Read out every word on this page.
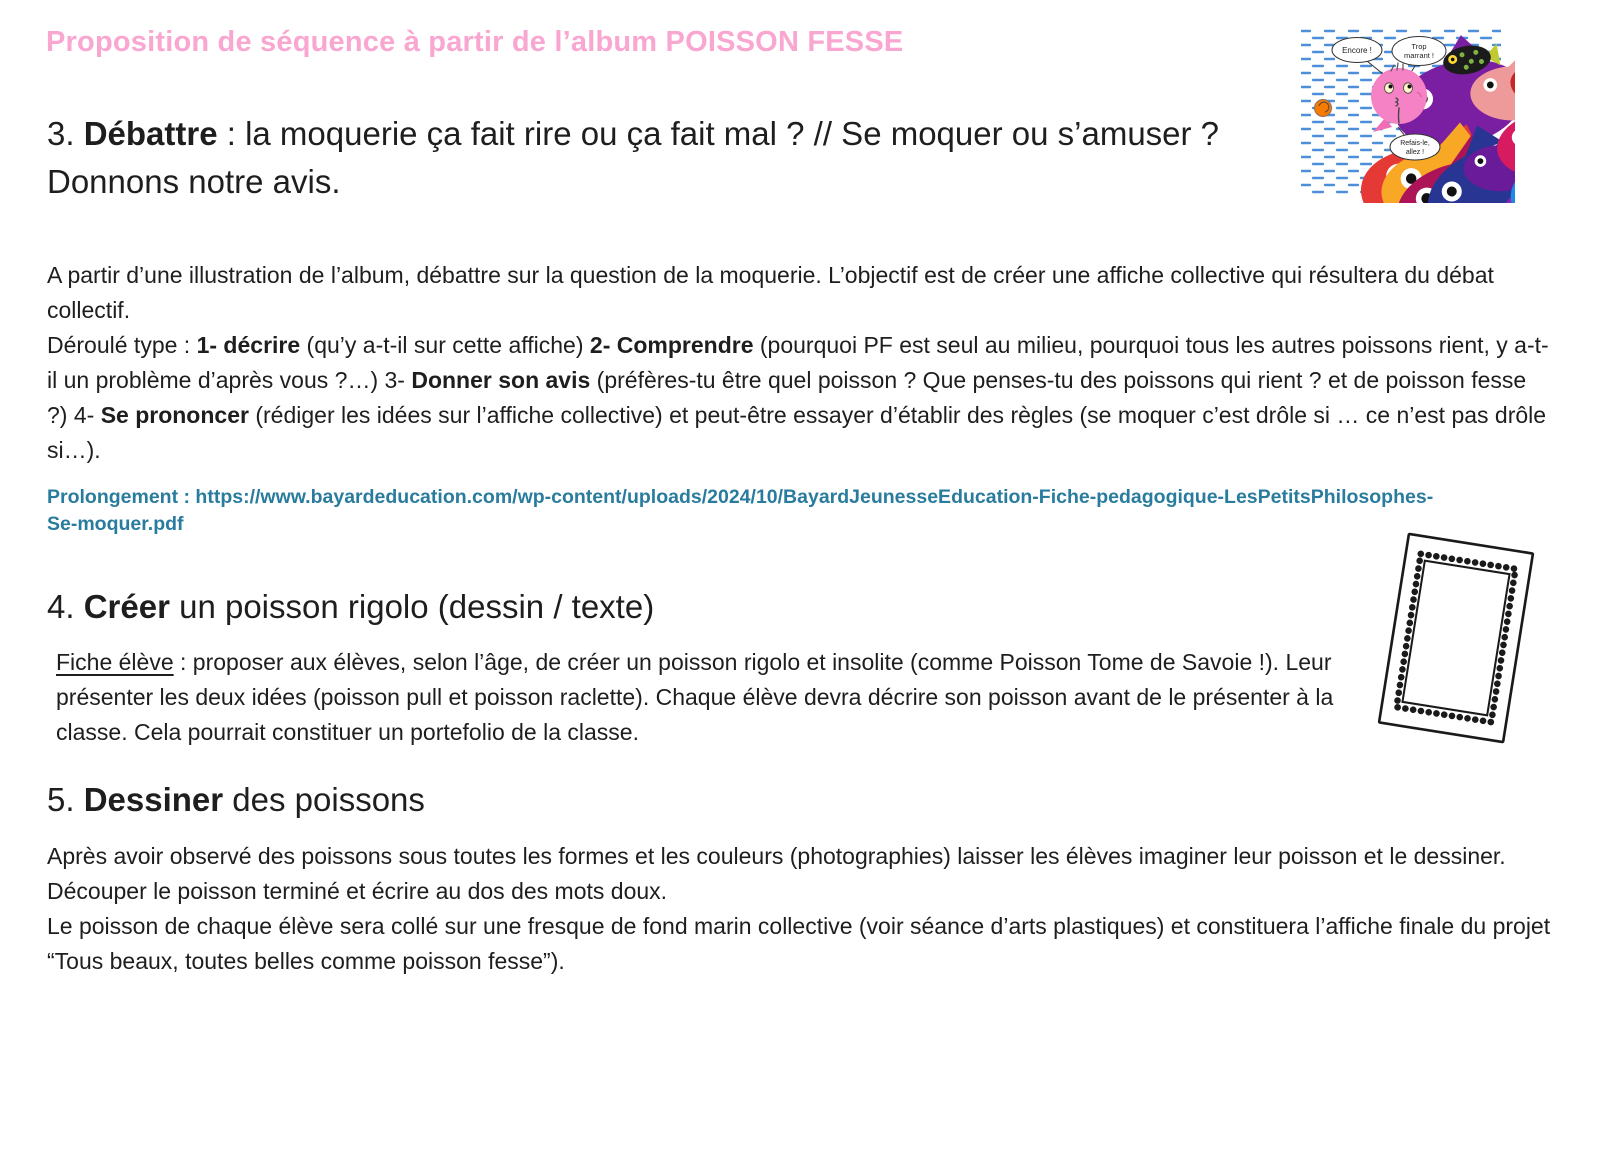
Proposition de séquence à partir de l’album POISSON FESSE	Encore !	Trop
marrant !
Refais-le,
allez !
3. Débattre : la moquerie ça fait rire ou ça fait mal ? // Se moquer ou s’amuser ? Donnons notre avis.
A partir d’une illustration de l’album, débattre sur la question de la moquerie. L’objectif est de créer une affiche collective qui résultera du débat collectif.
Déroulé type : 1- décrire (qu’y a-t-il sur cette affiche) 2- Comprendre (pourquoi PF est seul au milieu, pourquoi tous les autres poissons rient, y a-t-il un problème d’après vous ?…) 3- Donner son avis (préfères-tu être quel poisson ? Que penses-tu des poissons qui rient ? et de poisson fesse ?) 4- Se prononcer (rédiger les idées sur l’affiche collective) et peut-être essayer d’établir des règles (se moquer c’est drôle si … ce n’est pas drôle si…).
Prolongement : https://www.bayardeducation.com/wp-content/uploads/2024/10/BayardJeunesseEducation-Fiche-pedagogique-LesPetitsPhilosophes-Se-moquer.pdf
4. Créer un poisson rigolo (dessin / texte)
Fiche élève : proposer aux élèves, selon l’âge, de créer un poisson rigolo et insolite (comme Poisson Tome de Savoie !). Leur présenter les deux idées (poisson pull et poisson raclette). Chaque élève devra décrire son poisson avant de le présenter à la classe. Cela pourrait constituer un portefolio de la classe.
5. Dessiner des poissons
Après avoir observé des poissons sous toutes les formes et les couleurs (photographies) laisser les élèves imaginer leur poisson et le dessiner.
Découper le poisson terminé et écrire au dos des mots doux.
Le poisson de chaque élève sera collé sur une fresque de fond marin collective (voir séance d’arts plastiques) et constituera l’affiche finale du projet “Tous beaux, toutes belles comme poisson fesse”).
